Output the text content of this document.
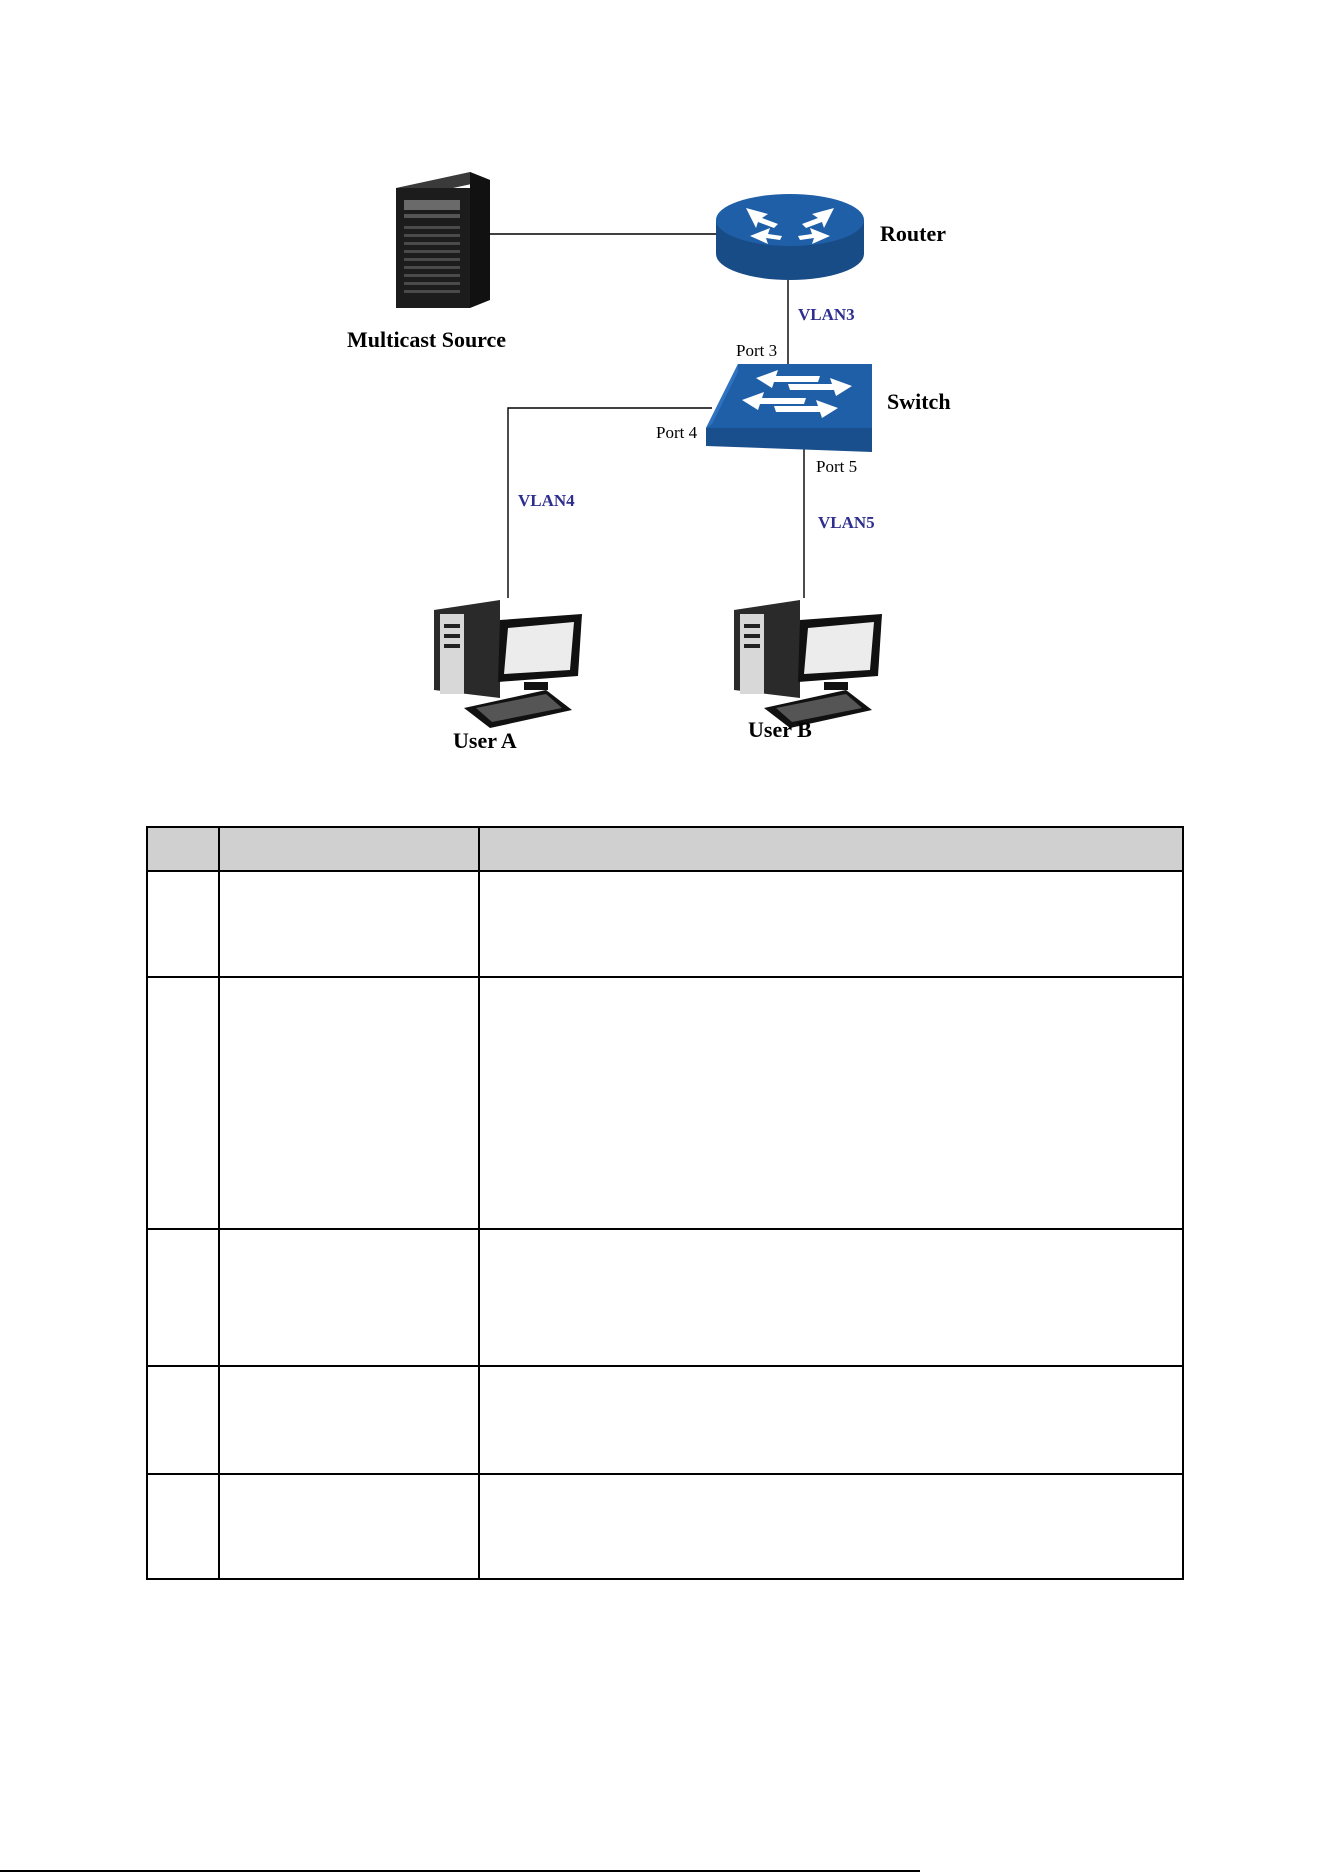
Multicast Source
Router
Switch
User A	User B
Port 3
Port 4
Port 5
VLAN3
VLAN4
VLAN5
